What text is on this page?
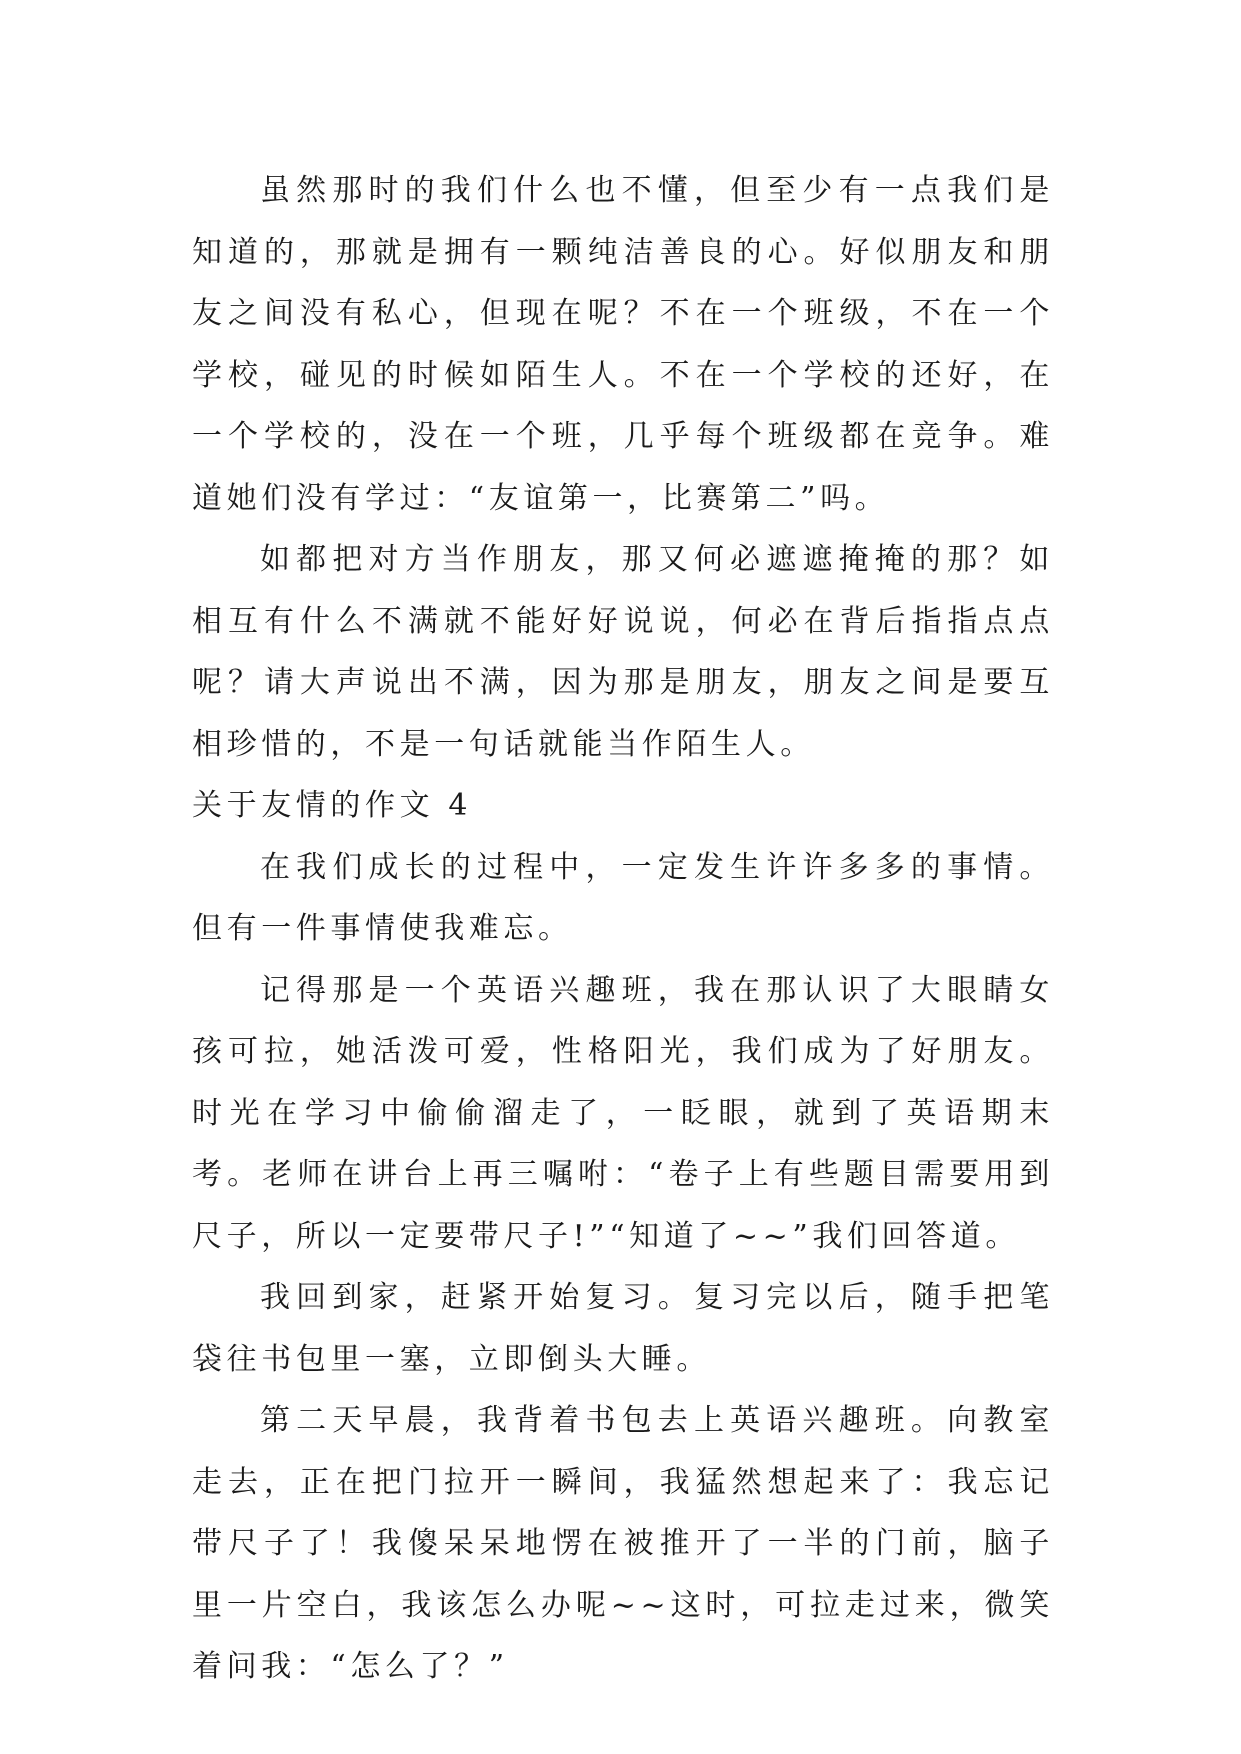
虽然那时的我们什么也不懂，但至少有一点我们是知道的，那就是拥有一颗纯洁善良的心。好似朋友和朋友之间没有私心，但现在呢？不在一个班级，不在一个学校，碰见的时候如陌生人。不在一个学校的还好，在一个学校的，没在一个班，几乎每个班级都在竞争。难道她们没有学过：“友谊第一，比赛第二”吗。

如都把对方当作朋友，那又何必遮遮掩掩的那？如相互有什么不满就不能好好说说，何必在背后指指点点呢？请大声说出不满，因为那是朋友，朋友之间是要互相珍惜的，不是一句话就能当作陌生人。

关于友情的作文 4

在我们成长的过程中，一定发生许许多多的事情。但有一件事情使我难忘。

记得那是一个英语兴趣班，我在那认识了大眼睛女孩可拉，她活泼可爱，性格阳光，我们成为了好朋友。时光在学习中偷偷溜走了，一眨眼，就到了英语期末考。老师在讲台上再三嘱咐：“卷子上有些题目需要用到尺子，所以一定要带尺子!”“知道了~~”我们回答道。

我回到家，赶紧开始复习。复习完以后，随手把笔袋往书包里一塞，立即倒头大睡。

第二天早晨，我背着书包去上英语兴趣班。向教室走去，正在把门拉开一瞬间，我猛然想起来了：我忘记带尺子了！我傻呆呆地愣在被推开了一半的门前，脑子里一片空白，我该怎么办呢~~这时，可拉走过来，微笑着问我：“怎么了？”
